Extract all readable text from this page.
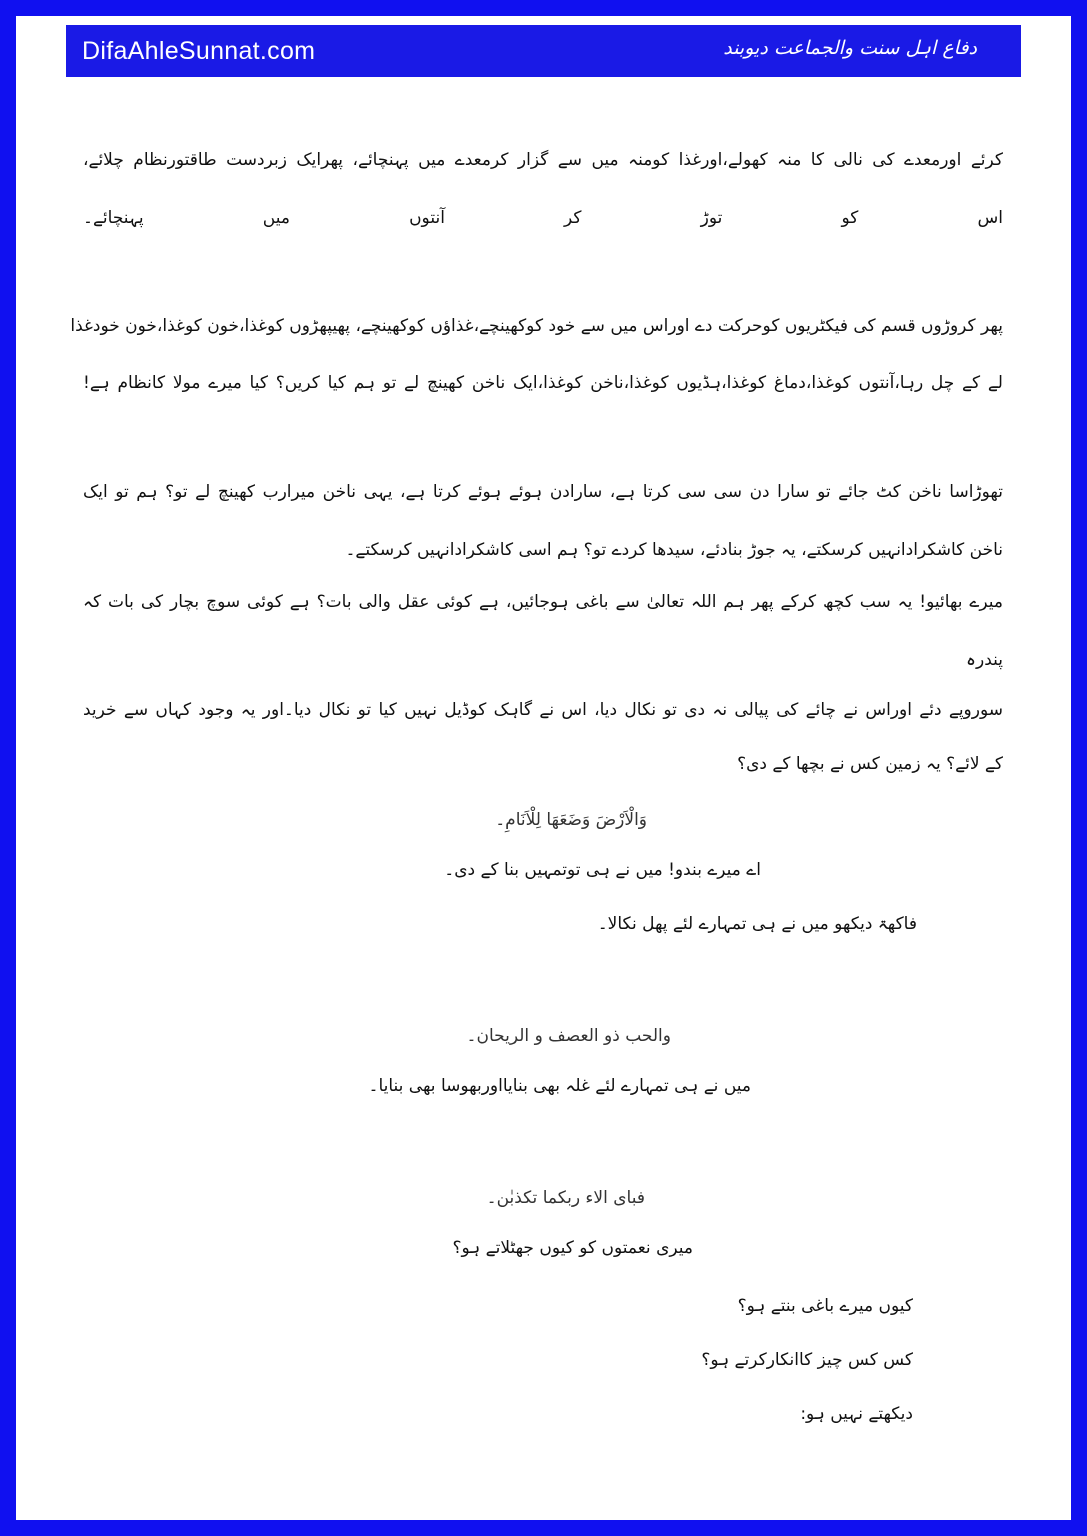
DifaAhleSunnat.com	دفاع اہل سنت والجماعت دیوبند
کرئے اورمعدے کی نالی کا منہ کھولے،اورغذا کومنہ میں سے گزار کرمعدے میں پہنچائے، پھرایک زبردست طاقتورنظام چلائے،
اس کو توڑ کر آنتوں میں پہنچائے۔
پھر کروڑوں قسم کی فیکٹریوں کوحرکت دے اوراس میں سے خود کوکھینچے،غذاؤں کوکھینچے، پھیپھڑوں کوغذا،خون کوغذا،خون خودغذا
لے کے چل رہا،آنتوں کوغذا،دماغ کوغذا،ہڈیوں کوغذا،ناخن کوغذا،ایک ناخن کھینچ لے تو ہم کیا کریں؟ کیا میرے مولا کانظام ہے!
تھوڑاسا ناخن کٹ جائے تو سارا دن سی سی کرتا ہے، سارادن ہوئے ہوئے کرتا ہے، یہی ناخن میرارب کھینچ لے تو؟ ہم تو ایک
ناخن کاشکرادانہیں کرسکتے، یہ جوڑ بنادئے، سیدھا کردے تو؟ ہم اسی کاشکرادانہیں کرسکتے۔
میرے بھائیو! یہ سب کچھ کرکے پھر ہم اللہ تعالیٰ سے باغی ہوجائیں، ہے کوئی عقل والی بات؟ ہے کوئی سوچ بچار کی بات کہ
پندرہ
سوروپے دئے اوراس نے چائے کی پیالی نہ دی تو نکال دیا، اس نے گاہک کوڈیل نہیں کیا تو نکال دیا۔اور یہ وجود کہاں سے خرید
کے لائے؟ یہ زمین کس نے بچھا کے دی؟
وَالْاَرْضَ وَضَعَھَا لِلْاَنَامِ۔
اے میرے بندو! میں نے ہی توتمہیں بنا کے دی۔
فاکھۃ دیکھو میں نے ہی تمہارے لئے پھل نکالا۔
والحب ذو العصف و الریحان۔
میں نے ہی تمہارے لئے غلہ بھی بنایااوربھوسا بھی بنایا۔
فبای الاء ربکما تکذبٰن۔
میری نعمتوں کو کیوں جھٹلاتے ہو؟
کیوں میرے باغی بنتے ہو؟
کس کس چیز کاانکارکرتے ہو؟
دیکھتے نہیں ہو:
